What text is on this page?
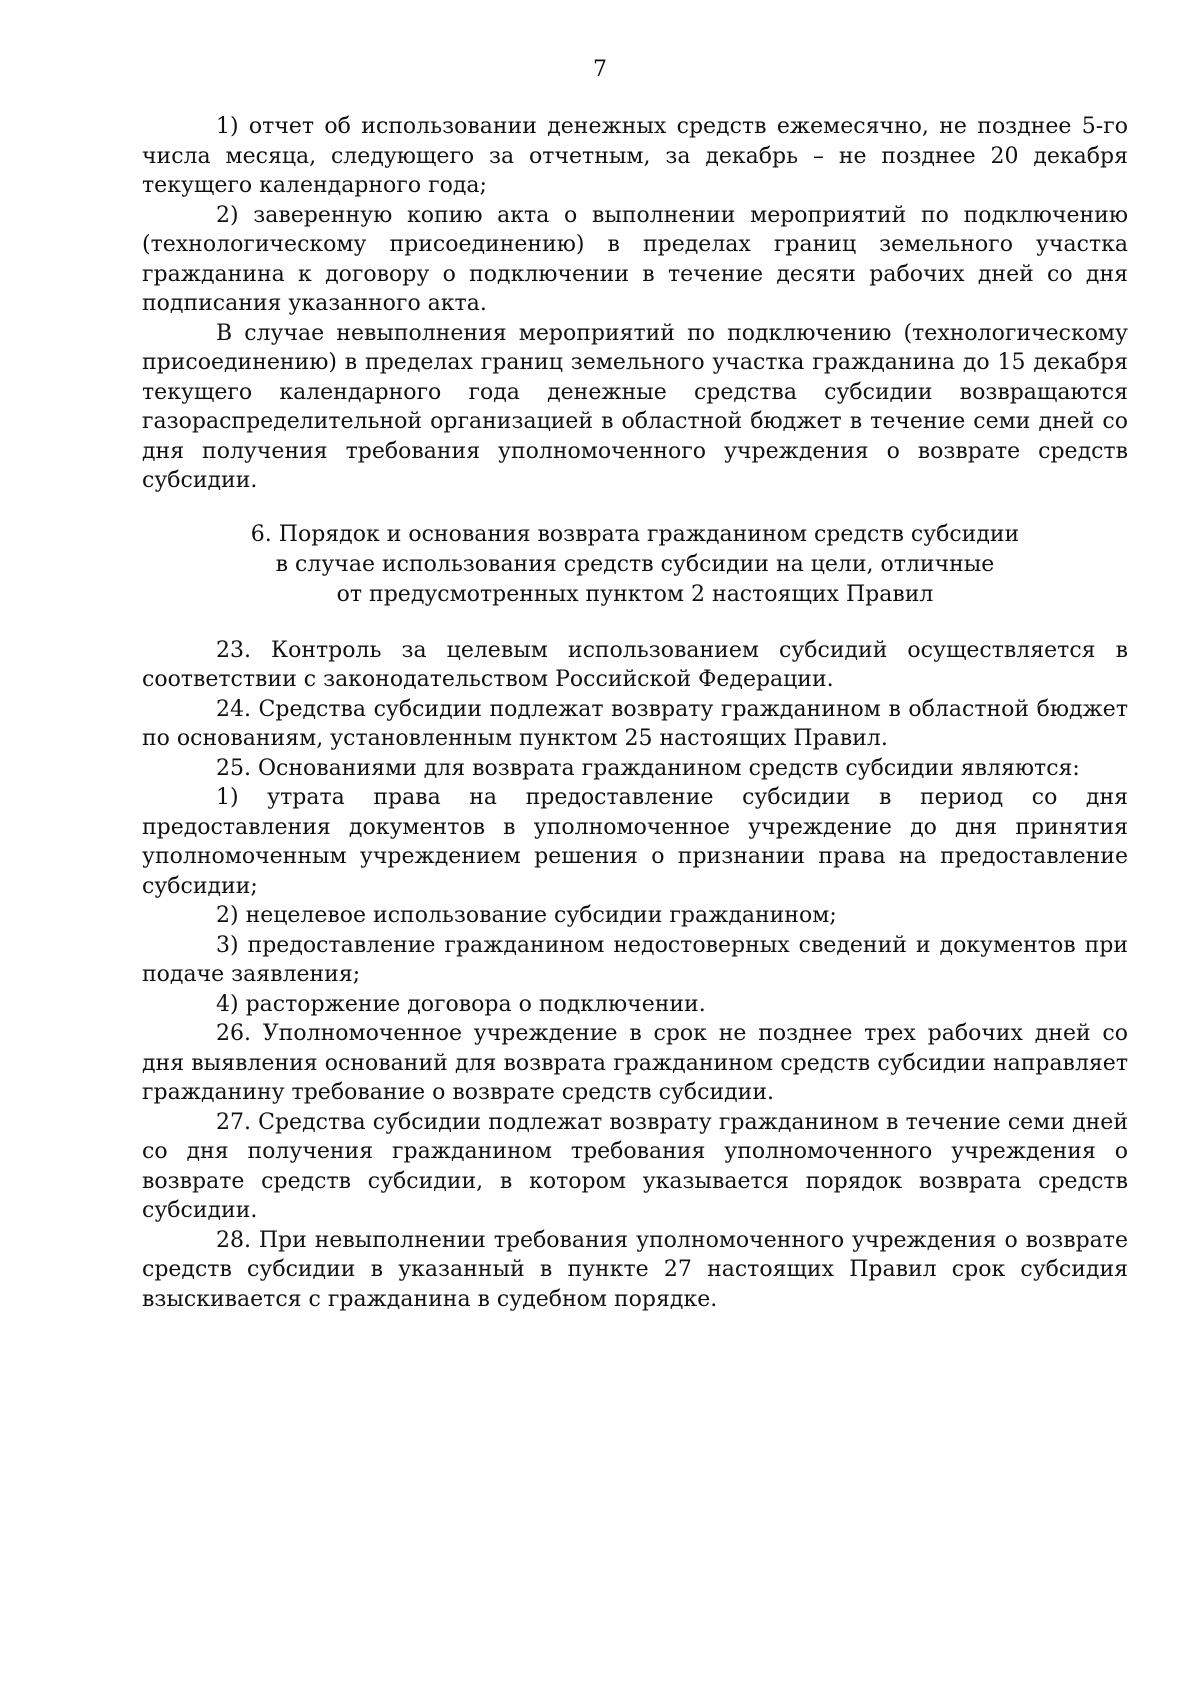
7

1) отчет об использовании денежных средств ежемесячно, не позднее 5-го числа месяца, следующего за отчетным, за декабрь – не позднее 20 декабря текущего календарного года;

2) заверенную копию акта о выполнении мероприятий по подключению (технологическому присоединению) в пределах границ земельного участка гражданина к договору о подключении в течение десяти рабочих дней со дня подписания указанного акта.

В случае невыполнения мероприятий по подключению (технологическому присоединению) в пределах границ земельного участка гражданина до 15 декабря текущего календарного года денежные средства субсидии возвращаются газораспределительной организацией в областной бюджет в течение семи дней со дня получения требования уполномоченного учреждения о возврате средств субсидии.

6. Порядок и основания возврата гражданином средств субсидии
в случае использования средств субсидии на цели, отличные
от предусмотренных пунктом 2 настоящих Правил

23. Контроль за целевым использованием субсидий осуществляется в соответствии с законодательством Российской Федерации.

24. Средства субсидии подлежат возврату гражданином в областной бюджет по основаниям, установленным пунктом 25 настоящих Правил.

25. Основаниями для возврата гражданином средств субсидии являются:

1) утрата права на предоставление субсидии в период со дня предоставления документов в уполномоченное учреждение до дня принятия уполномоченным учреждением решения о признании права на предоставление субсидии;

2) нецелевое использование субсидии гражданином;

3) предоставление гражданином недостоверных сведений и документов при подаче заявления;

4) расторжение договора о подключении.

26. Уполномоченное учреждение в срок не позднее трех рабочих дней со дня выявления оснований для возврата гражданином средств субсидии направляет гражданину требование о возврате средств субсидии.

27. Средства субсидии подлежат возврату гражданином в течение семи дней со дня получения гражданином требования уполномоченного учреждения о возврате средств субсидии, в котором указывается порядок возврата средств субсидии.

28. При невыполнении требования уполномоченного учреждения о возврате средств субсидии в указанный в пункте 27 настоящих Правил срок субсидия взыскивается с гражданина в судебном порядке.
